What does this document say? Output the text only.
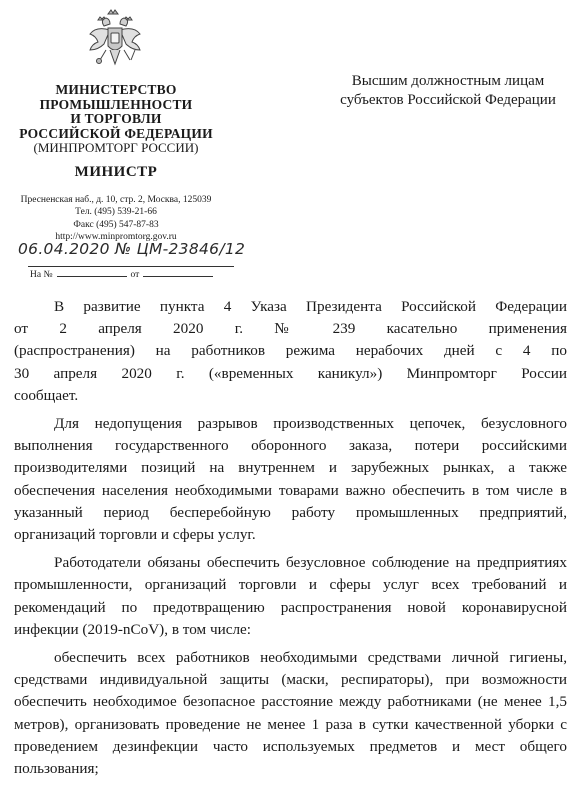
МИНИСТЕРСТВО
ПРОМЫШЛЕННОСТИ
И ТОРГОВЛИ
РОССИЙСКОЙ ФЕДЕРАЦИИ
(МИНПРОМТОРГ РОССИИ)
МИНИСТР
Пресненская наб., д. 10, стр. 2, Москва, 125039
Тел. (495) 539-21-66
Факс (495) 547-87-83
http://www.minpromtorg.gov.ru
06.04.2020 № ЦМ-23846/12
На №	от
Высшим должностным лицам
субъектов Российской Федерации

В развитие пункта 4 Указа Президента Российской Федерации от 2 апреля 2020 г. № 239 касательно применения (распространения) на работников режима нерабочих дней с 4 по 30 апреля 2020 г. («временных каникул») Минпромторг России сообщает.

Для недопущения разрывов производственных цепочек, безусловного выполнения государственного оборонного заказа, потери российскими производителями позиций на внутреннем и зарубежных рынках, а также обеспечения населения необходимыми товарами важно обеспечить в том числе в указанный период бесперебойную работу промышленных предприятий, организаций торговли и сферы услуг.

Работодатели обязаны обеспечить безусловное соблюдение на предприятиях промышленности, организаций торговли и сферы услуг всех требований и рекомендаций по предотвращению распространения новой коронавирусной инфекции (2019-nCoV), в том числе:

обеспечить всех работников необходимыми средствами личной гигиены, средствами индивидуальной защиты (маски, респираторы), при возможности обеспечить необходимое безопасное расстояние между работниками (не менее 1,5 метров), организовать проведение не менее 1 раза в сутки качественной уборки с проведением дезинфекции часто используемых предметов и мест общего пользования;
